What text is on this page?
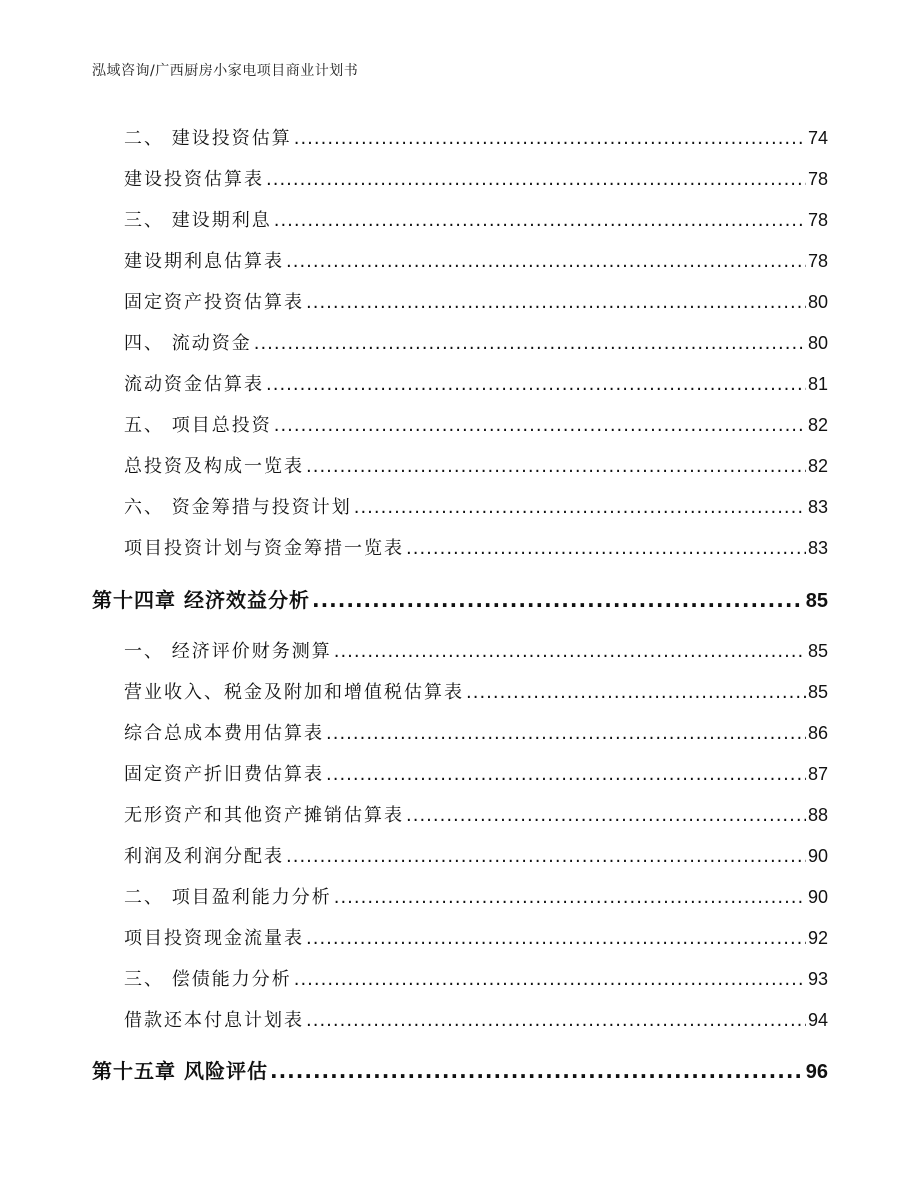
泓域咨询/广西厨房小家电项目商业计划书
二、 建设投资估算 .....	74
建设投资估算表 .....	78
三、 建设期利息 .....	78
建设期利息估算表 .....	78
固定资产投资估算表 .....	80
四、 流动资金 .....	80
流动资金估算表 .....	81
五、 项目总投资 .....	82
总投资及构成一览表 .....	82
六、 资金筹措与投资计划 .....	83
项目投资计划与资金筹措一览表 .....	83
第十四章 经济效益分析 .....	85
一、 经济评价财务测算 .....	85
营业收入、税金及附加和增值税估算表 .....	85
综合总成本费用估算表 .....	86
固定资产折旧费估算表 .....	87
无形资产和其他资产摊销估算表 .....	88
利润及利润分配表 .....	90
二、 项目盈利能力分析 .....	90
项目投资现金流量表 .....	92
三、 偿债能力分析 .....	93
借款还本付息计划表 .....	94
第十五章 风险评估 .....	96
